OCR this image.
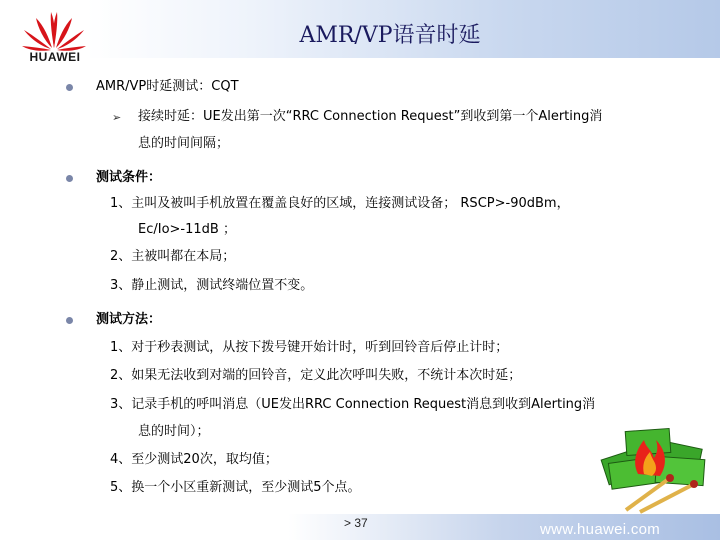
HUAWEI
AMR/VP语音时延
AMR/VP时延测试：CQT
➢ 接续时延：UE发出第一次“RRC Connection Request”到收到第一个Alerting消
息的时间间隔；
测试条件：
1、主叫及被叫手机放置在覆盖良好的区域，连接测试设备； RSCP>-90dBm，
Ec/Io>-11dB ；
2、主被叫都在本局；
3、静止测试，测试终端位置不变。
测试方法：
1、对于秒表测试，从按下拨号键开始计时，听到回铃音后停止计时；
2、如果无法收到对端的回铃音，定义此次呼叫失败，不统计本次时延；
3、记录手机的呼叫消息（UE发出RRC Connection Request消息到收到Alerting消
息的时间）；
4、至少测试20次，取均值；
5、换一个小区重新测试，至少测试5个点。
> 37	www.huawei.com
